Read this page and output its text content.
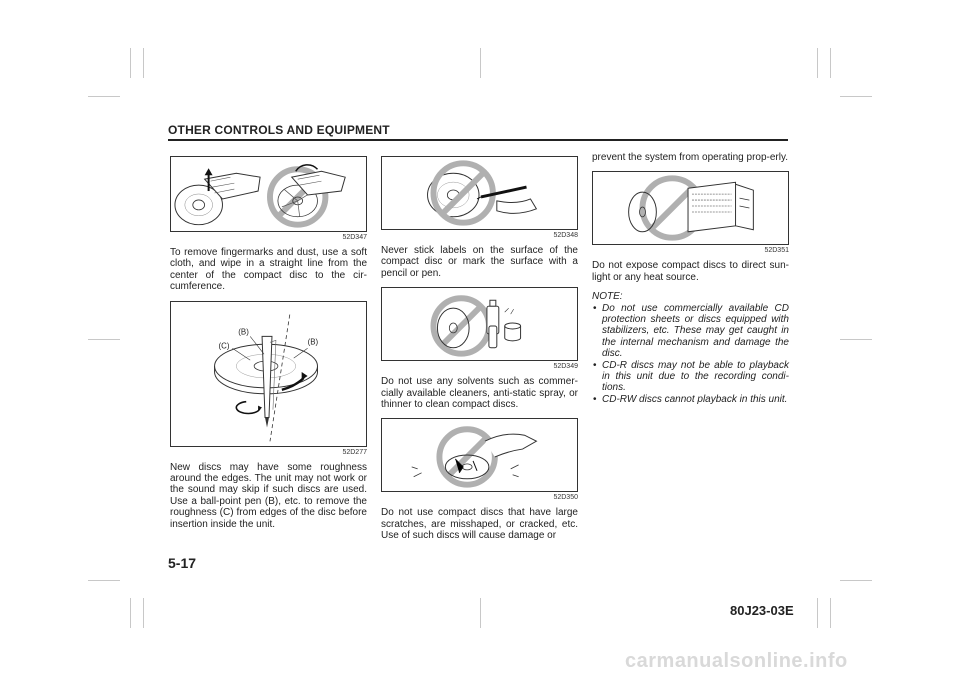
OTHER CONTROLS AND EQUIPMENT
52D347

To remove fingermarks and dust, use a soft cloth, and wipe in a straight line from the center of the compact disc to the cir-cumference.

(B)
(C)	(B)
52D277

New discs may have some roughness around the edges. The unit may not work or the sound may skip if such discs are used. Use a ball-point pen (B), etc. to remove the roughness (C) from edges of the disc before insertion inside the unit.

52D348

Never stick labels on the surface of the compact disc or mark the surface with a pencil or pen.

52D349

Do not use any solvents such as commer-cially available cleaners, anti-static spray, or thinner to clean compact discs.

52D350

Do not use compact discs that have large scratches, are misshaped, or cracked, etc. Use of such discs will cause damage or

prevent the system from operating prop-erly.

52D351

Do not expose compact discs to direct sun-light or any heat source.

NOTE:
• Do not use commercially available CD protection sheets or discs equipped with stabilizers, etc. These may get caught in the internal mechanism and damage the disc.
• CD-R discs may not be able to playback in this unit due to the recording condi-tions.
• CD-RW discs cannot playback in this unit.
5-17
80J23-03E
carmanualsonline.info
